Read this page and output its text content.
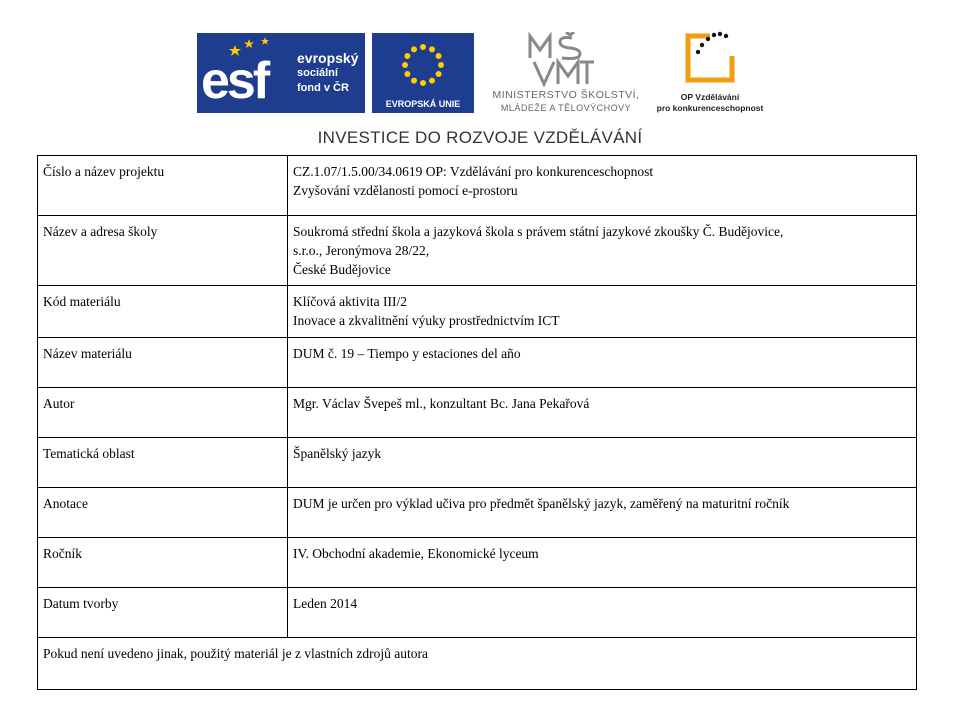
esf evropský
sociální
fond v ČR
EVROPSKÁ UNIE
MINISTERSTVO ŠKOLSTVÍ,
MLÁDEŽE A TĚLOVÝCHOVY
OP Vzdělávání
pro konkurenceschopnost
INVESTICE DO ROZVOJE VZDĚLÁVÁNÍ
Číslo a název projektu	CZ.1.07/1.5.00/34.0619 OP: Vzdělávání pro konkurenceschopnost
Zvyšování vzdělanosti pomocí e-prostoru

Název a adresa školy	Soukromá střední škola a jazyková škola s právem státní jazykové zkoušky Č. Budějovice,
s.r.o., Jeronýmova 28/22,
České Budějovice

Kód materiálu	Klíčová aktivita III/2
Inovace a zkvalitnění výuky prostřednictvím ICT

Název materiálu	DUM č. 19 – Tiempo y estaciones del año

Autor	Mgr. Václav Švepeš ml., konzultant Bc. Jana Pekařová

Tematická oblast	Španělský jazyk

Anotace	DUM je určen pro výklad učiva pro předmět španělský jazyk, zaměřený na maturitní ročník

Ročník	IV. Obchodní akademie, Ekonomické lyceum

Datum tvorby	Leden 2014

Pokud není uvedeno jinak, použitý materiál je z vlastních zdrojů autora	
